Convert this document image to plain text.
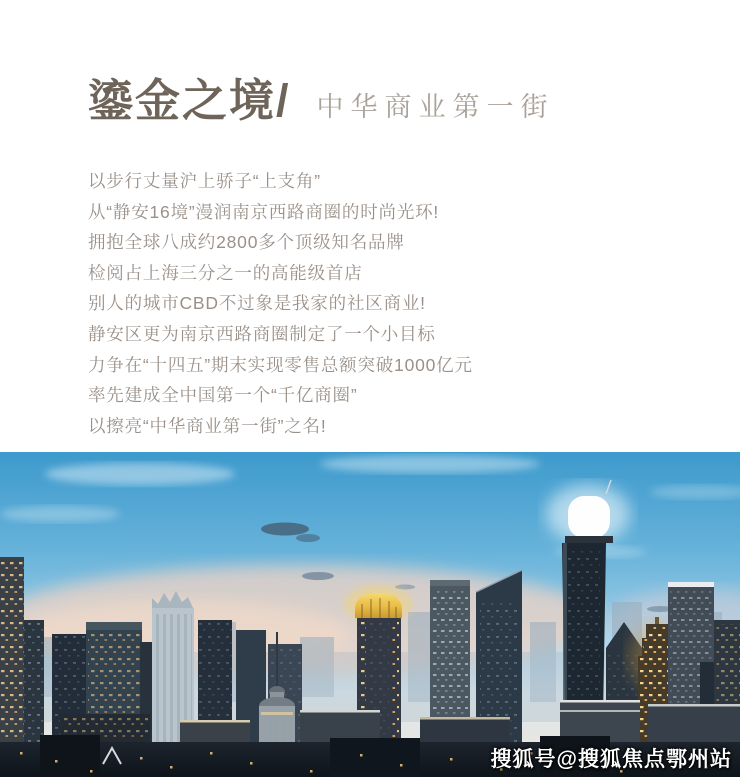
鎏金之境/ 中华商业第一街

以步行丈量沪上骄子“上支角”

从“静安16境”漫润南京西路商圈的时尚光环!

拥抱全球八成约2800多个顶级知名品牌

检阅占上海三分之一的高能级首店

别人的城市CBD不过象是我家的社区商业!

静安区更为南京西路商圈制定了一个小目标

力争在“十四五”期末实现零售总额突破1000亿元

率先建成全中国第一个“千亿商圈”

以擦亮“中华商业第一街”之名!

搜狐号@搜狐焦点鄂州站
